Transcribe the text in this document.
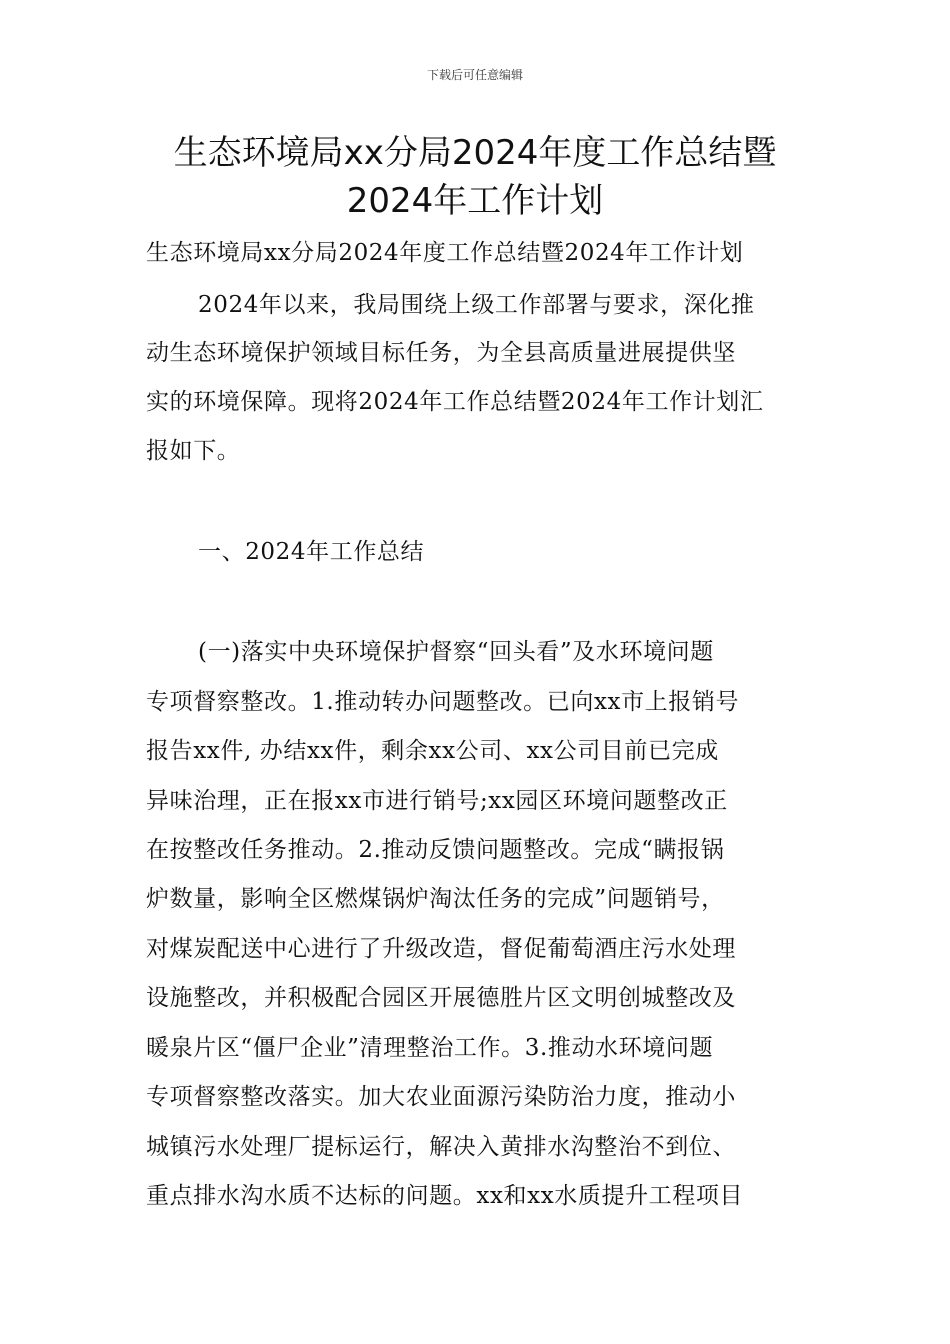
下载后可任意编辑
生态环境局xx分局2024年度工作总结暨
2024年工作计划
生态环境局xx分局2024年度工作总结暨2024年工作计划
2024年以来，我局围绕上级工作部署与要求，深化推
动生态环境保护领域目标任务，为全县高质量进展提供坚
实的环境保障。现将2024年工作总结暨2024年工作计划汇
报如下。
一、2024年工作总结
(一)落实中央环境保护督察“回头看”及水环境问题
专项督察整改。1.推动转办问题整改。已向xx市上报销号
报告xx件, 办结xx件，剩余xx公司、xx公司目前已完成
异味治理，正在报xx市进行销号;xx园区环境问题整改正
在按整改任务推动。2.推动反馈问题整改。完成“瞒报锅
炉数量，影响全区燃煤锅炉淘汰任务的完成”问题销号，
对煤炭配送中心进行了升级改造，督促葡萄酒庄污水处理
设施整改，并积极配合园区开展德胜片区文明创城整改及
暖泉片区“僵尸企业”清理整治工作。3.推动水环境问题
专项督察整改落实。加大农业面源污染防治力度，推动小
城镇污水处理厂提标运行，解决入黄排水沟整治不到位、
重点排水沟水质不达标的问题。xx和xx水质提升工程项目
